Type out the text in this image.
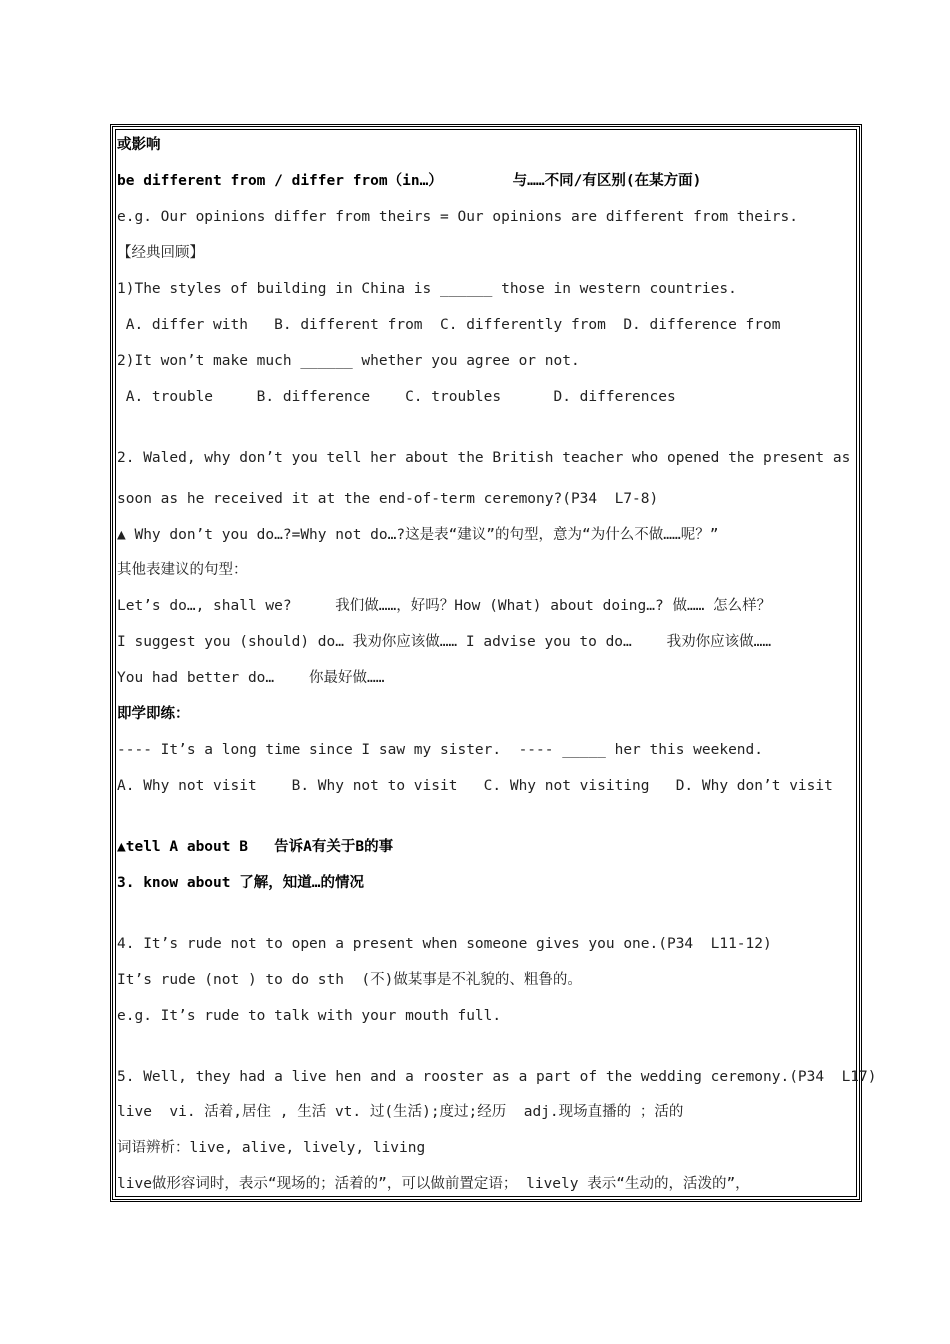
或影响
be different from / differ from（in…）        与……不同/有区别(在某方面)
e.g. Our opinions differ from theirs = Our opinions are different from theirs.
【经典回顾】
1)The styles of building in China is ______ those in western countries.
A. differ with   B. different from  C. differently from  D. difference from
2)It won’t make much ______ whether you agree or not.
A. trouble     B. difference    C. troubles      D. differences
2. Waled, why don’t you tell her about the British teacher who opened the present as
soon as he received it at the end-of-term ceremony?(P34  L7-8)
▲ Why don’t you do…?=Why not do…?这是表“建议”的句型，意为“为什么不做……呢？”
其他表建议的句型：
Let’s do…, shall we?     我们做……，好吗？How (What) about doing…? 做…… 怎么样？
I suggest you (should) do… 我劝你应该做…… I advise you to do…    我劝你应该做……
You had better do…    你最好做……
即学即练：
---- It’s a long time since I saw my sister.  ---- _____ her this weekend.
A. Why not visit    B. Why not to visit   C. Why not visiting   D. Why don’t visit
▲tell A about B   告诉A有关于B的事
3. know about 了解，知道…的情况
4. It’s rude not to open a present when someone gives you one.(P34  L11-12)
It’s rude (not ) to do sth  (不)做某事是不礼貌的、粗鲁的。
e.g. It’s rude to talk with your mouth full.
5. Well, they had a live hen and a rooster as a part of the wedding ceremony.(P34  L17)
live  vi. 活着,居住 , 生活 vt. 过(生活);度过;经历  adj.现场直播的 ；活的
词语辨析：live, alive, lively, living
live做形容词时，表示“现场的；活着的”，可以做前置定语； lively 表示“生动的，活泼的”，
